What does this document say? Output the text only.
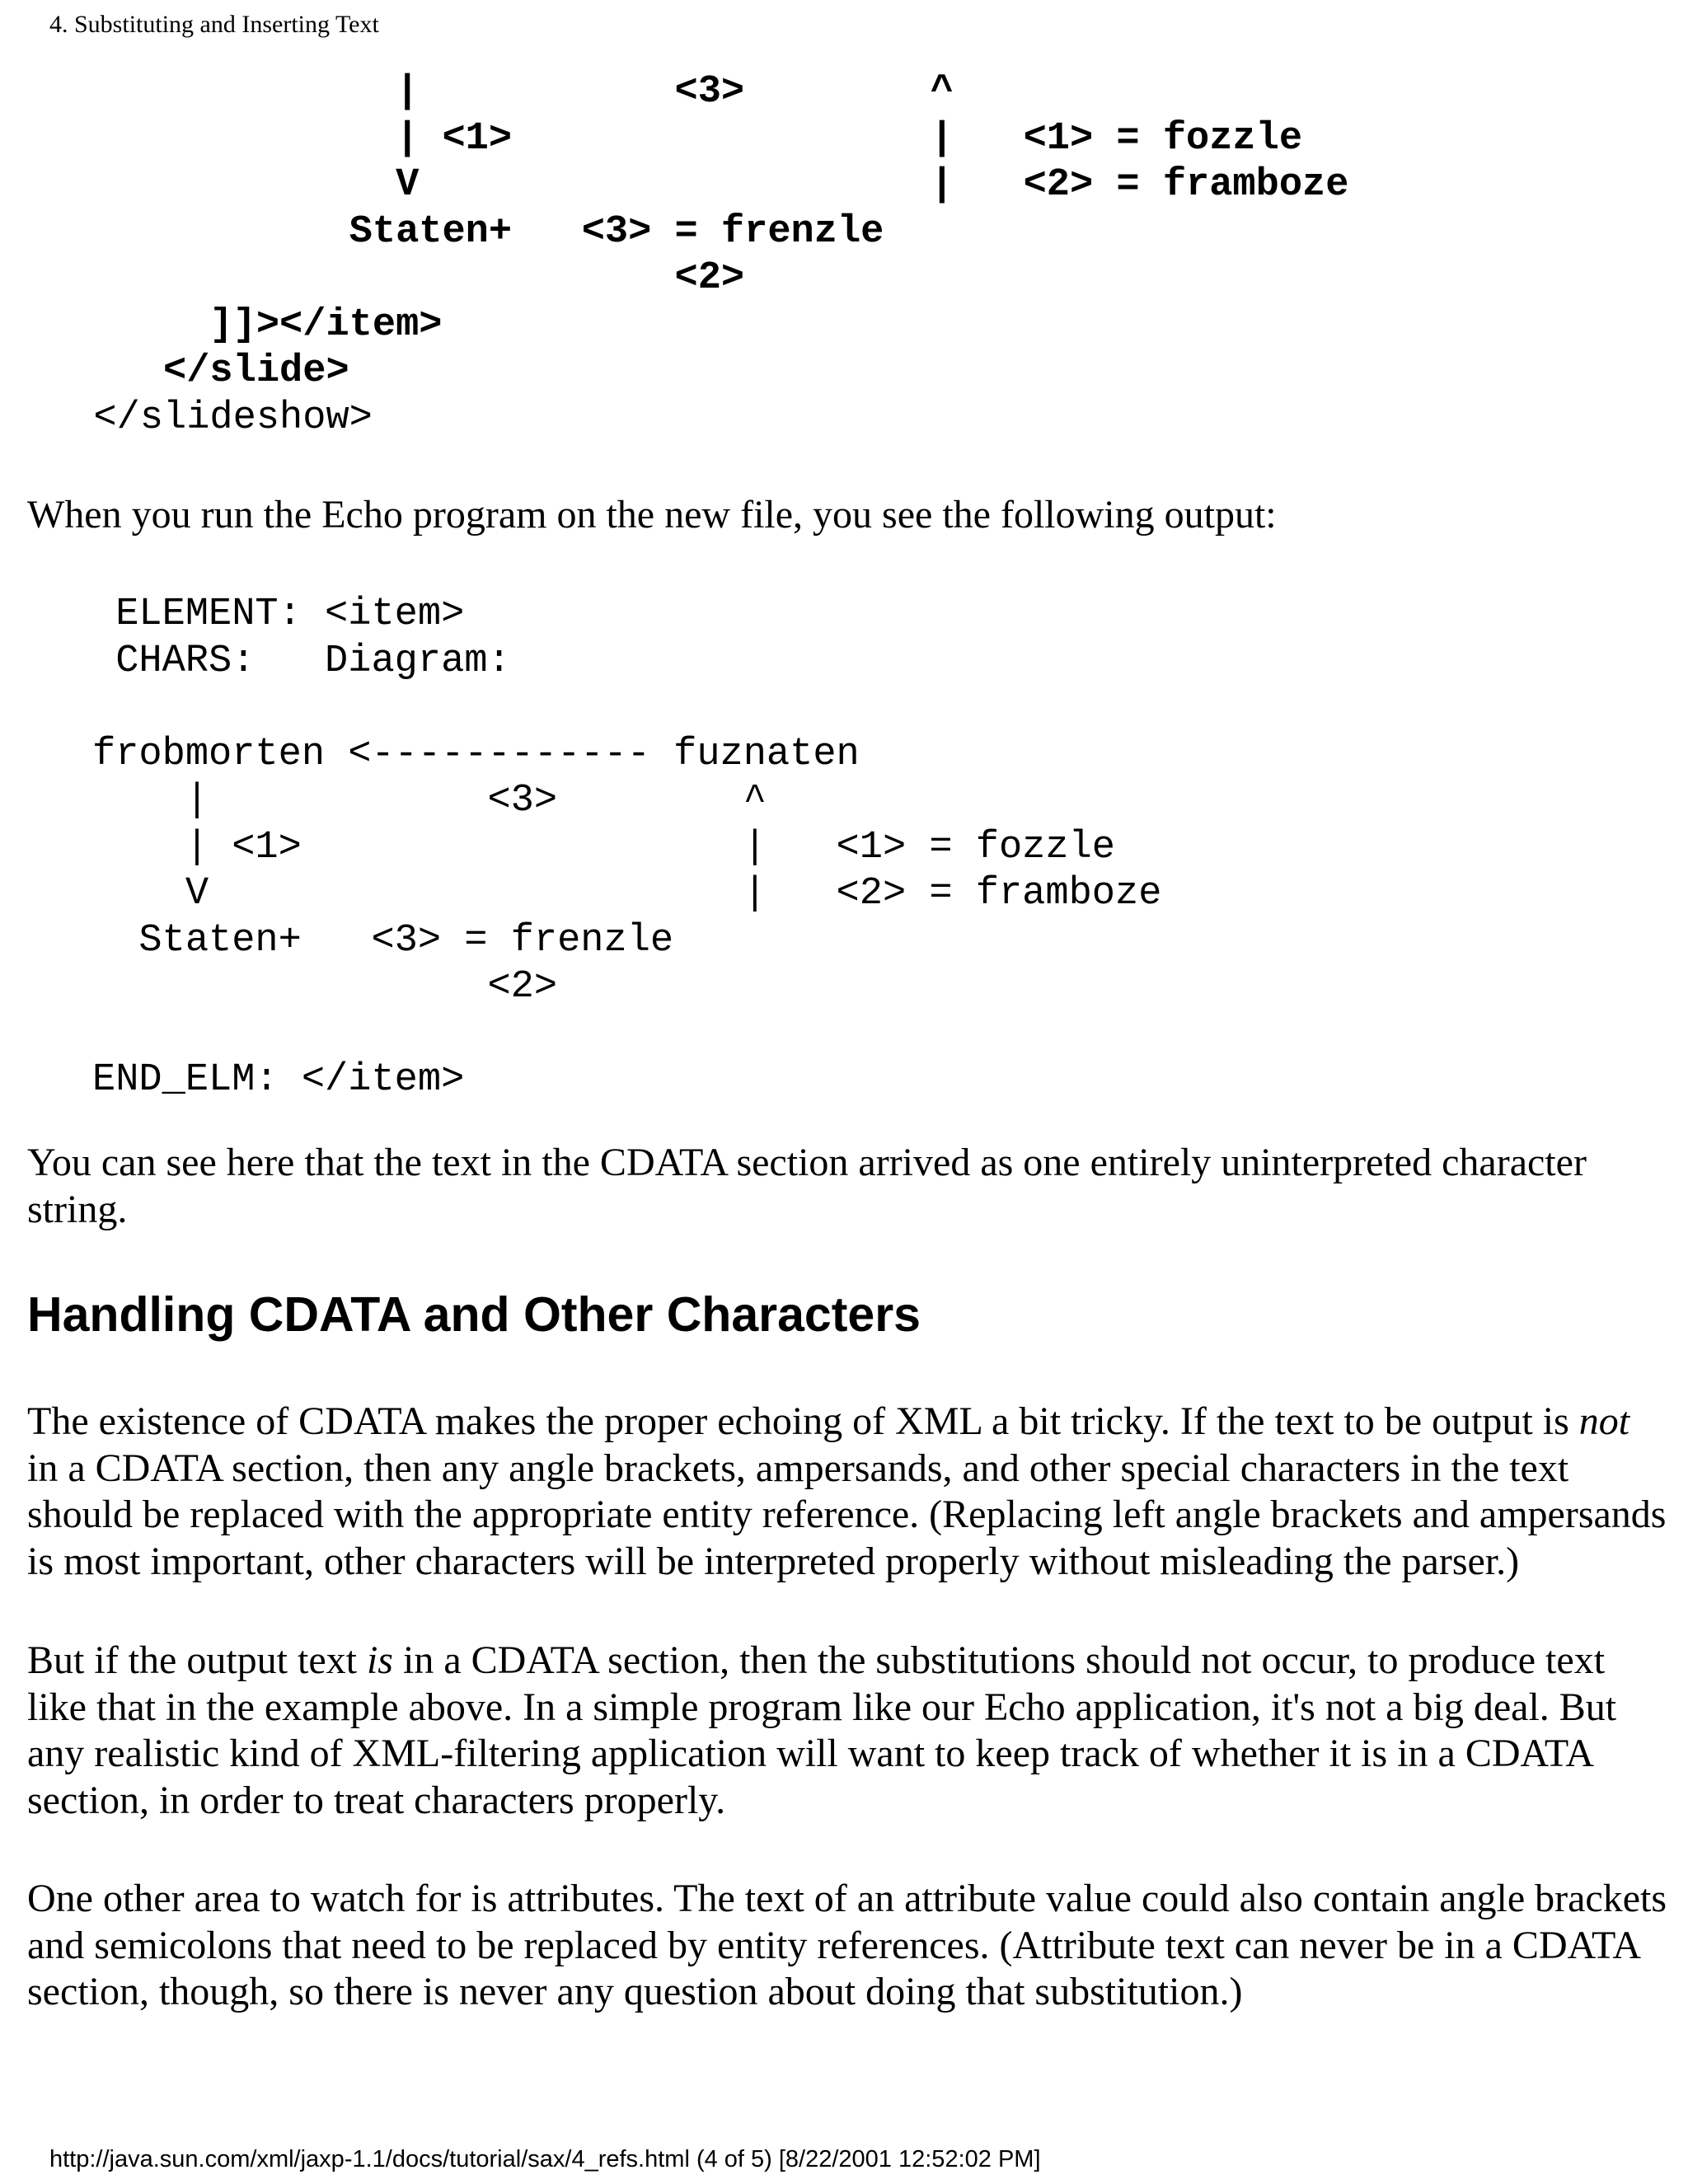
4. Substituting and Inserting Text
|           <3>        ^
| <1>                  |   <1> = fozzle
V                      |   <2> = framboze
Staten+   <3> = frenzle
<2>
]]></item>
</slide>
</slideshow>

When you run the Echo program on the new file, you see the following output:

ELEMENT: <item>
CHARS:   Diagram:

frobmorten <------------ fuznaten
|            <3>        ^
| <1>                   |   <1> = fozzle
V                       |   <2> = framboze
Staten+   <3> = frenzle
<2>

END_ELM: </item>

You can see here that the text in the CDATA section arrived as one entirely uninterpreted character string.

Handling CDATA and Other Characters

The existence of CDATA makes the proper echoing of XML a bit tricky. If the text to be output is not in a CDATA section, then any angle brackets, ampersands, and other special characters in the text should be replaced with the appropriate entity reference. (Replacing left angle brackets and ampersands is most important, other characters will be interpreted properly without misleading the parser.)

But if the output text is in a CDATA section, then the substitutions should not occur, to produce text like that in the example above. In a simple program like our Echo application, it's not a big deal. But any realistic kind of XML-filtering application will want to keep track of whether it is in a CDATA section, in order to treat characters properly.

One other area to watch for is attributes. The text of an attribute value could also contain angle brackets and semicolons that need to be replaced by entity references. (Attribute text can never be in a CDATA section, though, so there is never any question about doing that substitution.)

http://java.sun.com/xml/jaxp-1.1/docs/tutorial/sax/4_refs.html (4 of 5) [8/22/2001 12:52:02 PM]
